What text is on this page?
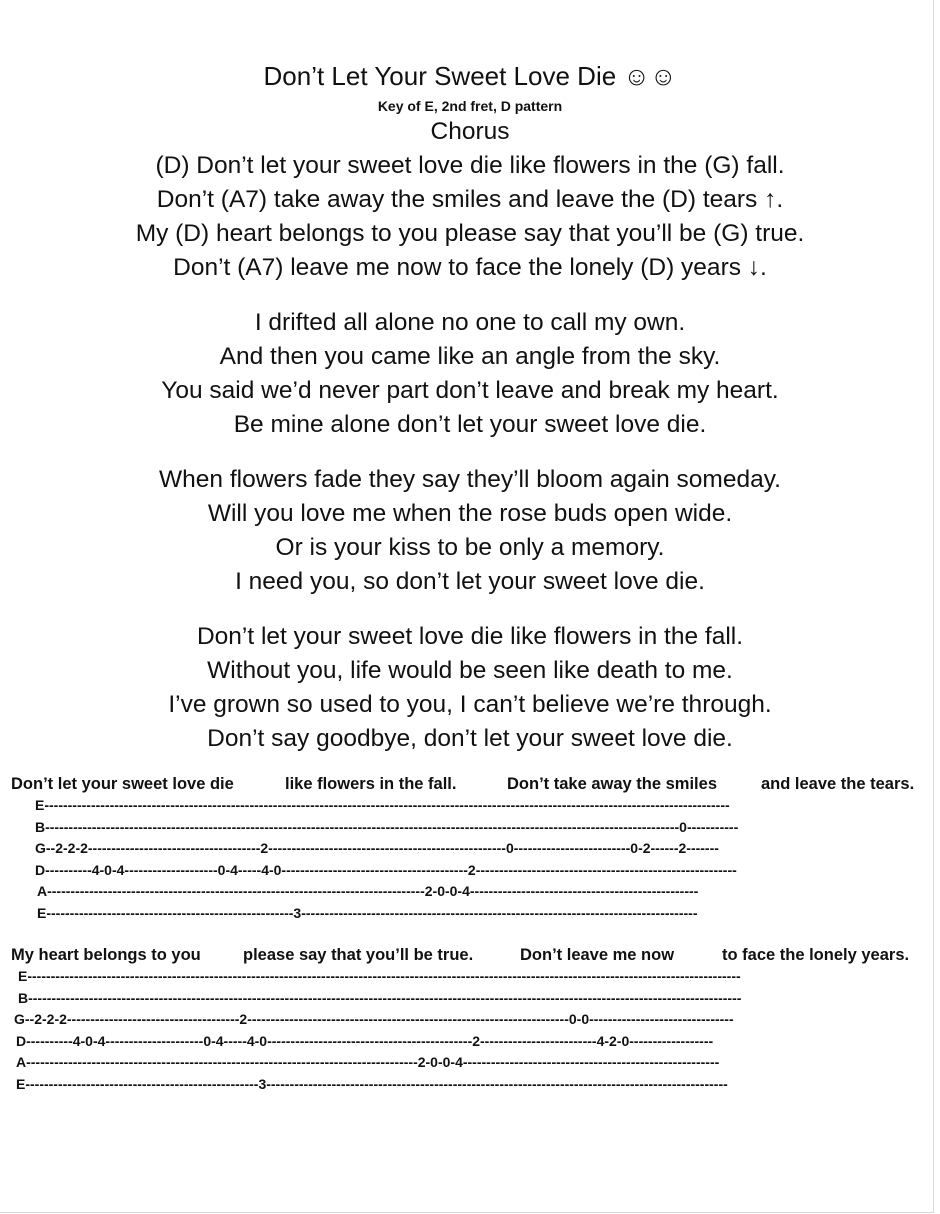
Don’t Let Your Sweet Love Die ☺☺
Key of E, 2nd fret, D pattern
Chorus
(D) Don’t let your sweet love die like flowers in the (G) fall.
Don’t (A7) take away the smiles and leave the (D) tears ↑.
My (D) heart belongs to you please say that you’ll be (G) true.
Don’t (A7) leave me now to face the lonely (D) years ↓.
I drifted all alone no one to call my own.
And then you came like an angle from the sky.
You said we’d never part don’t leave and break my heart.
Be mine alone don’t let your sweet love die.
When flowers fade they say they’ll bloom again someday.
Will you love me when the rose buds open wide.
Or is your kiss to be only a memory.
I need you, so don’t let your sweet love die.
Don’t let your sweet love die like flowers in the fall.
Without you, life would be seen like death to me.
I’ve grown so used to you, I can’t believe we’re through.
Don’t say goodbye, don’t let your sweet love die.
Don’t let your sweet love die	like flowers in the fall.	Don’t take away the smiles	and leave the tears.
E---------------------------------------------------------------------------------------------------------------------------------------------------
B----------------------------------------------------------------------------------------------------------------------------------------0-----------
G--2-2-2-------------------------------------2---------------------------------------------------0-------------------------0-2------2-------
D----------4-0-4--------------------0-4-----4-0----------------------------------------2--------------------------------------------------------
A---------------------------------------------------------------------------------2-0-0-4-------------------------------------------------
E-----------------------------------------------------3-------------------------------------------------------------------------------------
My heart belongs to you	please say that you’ll be true.	Don’t leave me now	to face the lonely years.
E---------------------------------------------------------------------------------------------------------------------------------------------------------
B---------------------------------------------------------------------------------------------------------------------------------------------------------
G--2-2-2-------------------------------------2---------------------------------------------------------------------0-0-------------------------------
D----------4-0-4---------------------0-4-----4-0--------------------------------------------2-------------------------4-2-0------------------
A------------------------------------------------------------------------------------2-0-0-4-------------------------------------------------------
E--------------------------------------------------3---------------------------------------------------------------------------------------------------
